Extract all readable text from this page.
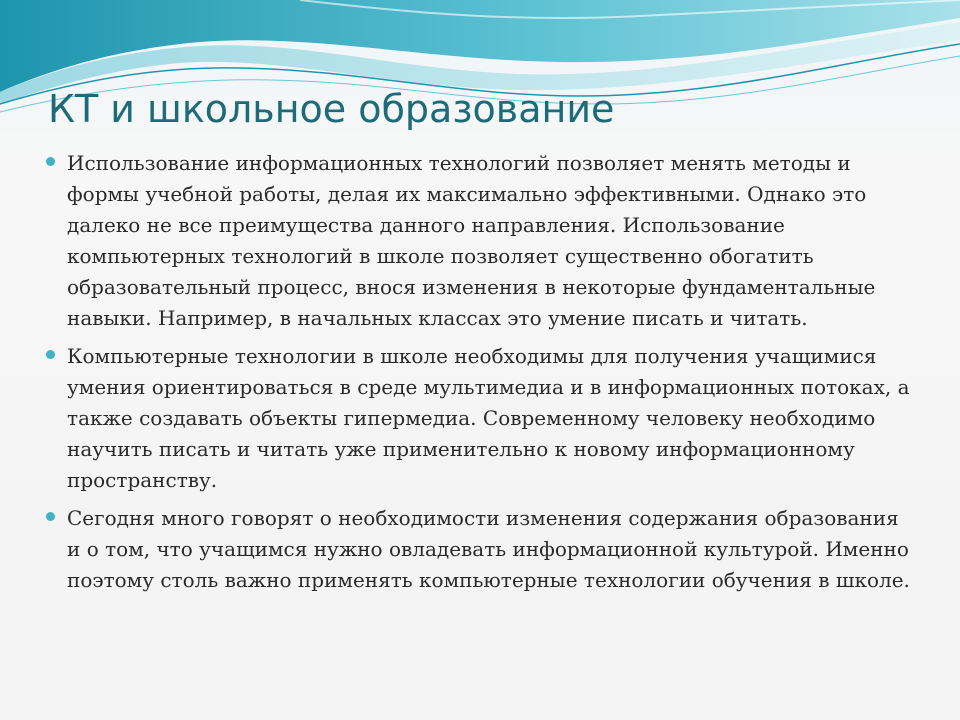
КТ и школьное образование
Использование информационных технологий позволяет менять методы и формы учебной работы, делая их максимально эффективными. Однако это далеко не все преимущества данного направления. Использование компьютерных технологий в школе позволяет существенно обогатить образовательный процесс, внося изменения в некоторые фундаментальные навыки. Например, в начальных классах это умение писать и читать.
Компьютерные технологии в школе необходимы для получения учащимися умения ориентироваться в среде мультимедиа и в информационных потоках, а также создавать объекты гипермедиа. Современному человеку необходимо научить писать и читать уже применительно к новому информационному пространству.
Сегодня много говорят о необходимости изменения содержания образования и о том, что учащимся нужно овладевать информационной культурой. Именно поэтому столь важно применять компьютерные технологии обучения в школе.
